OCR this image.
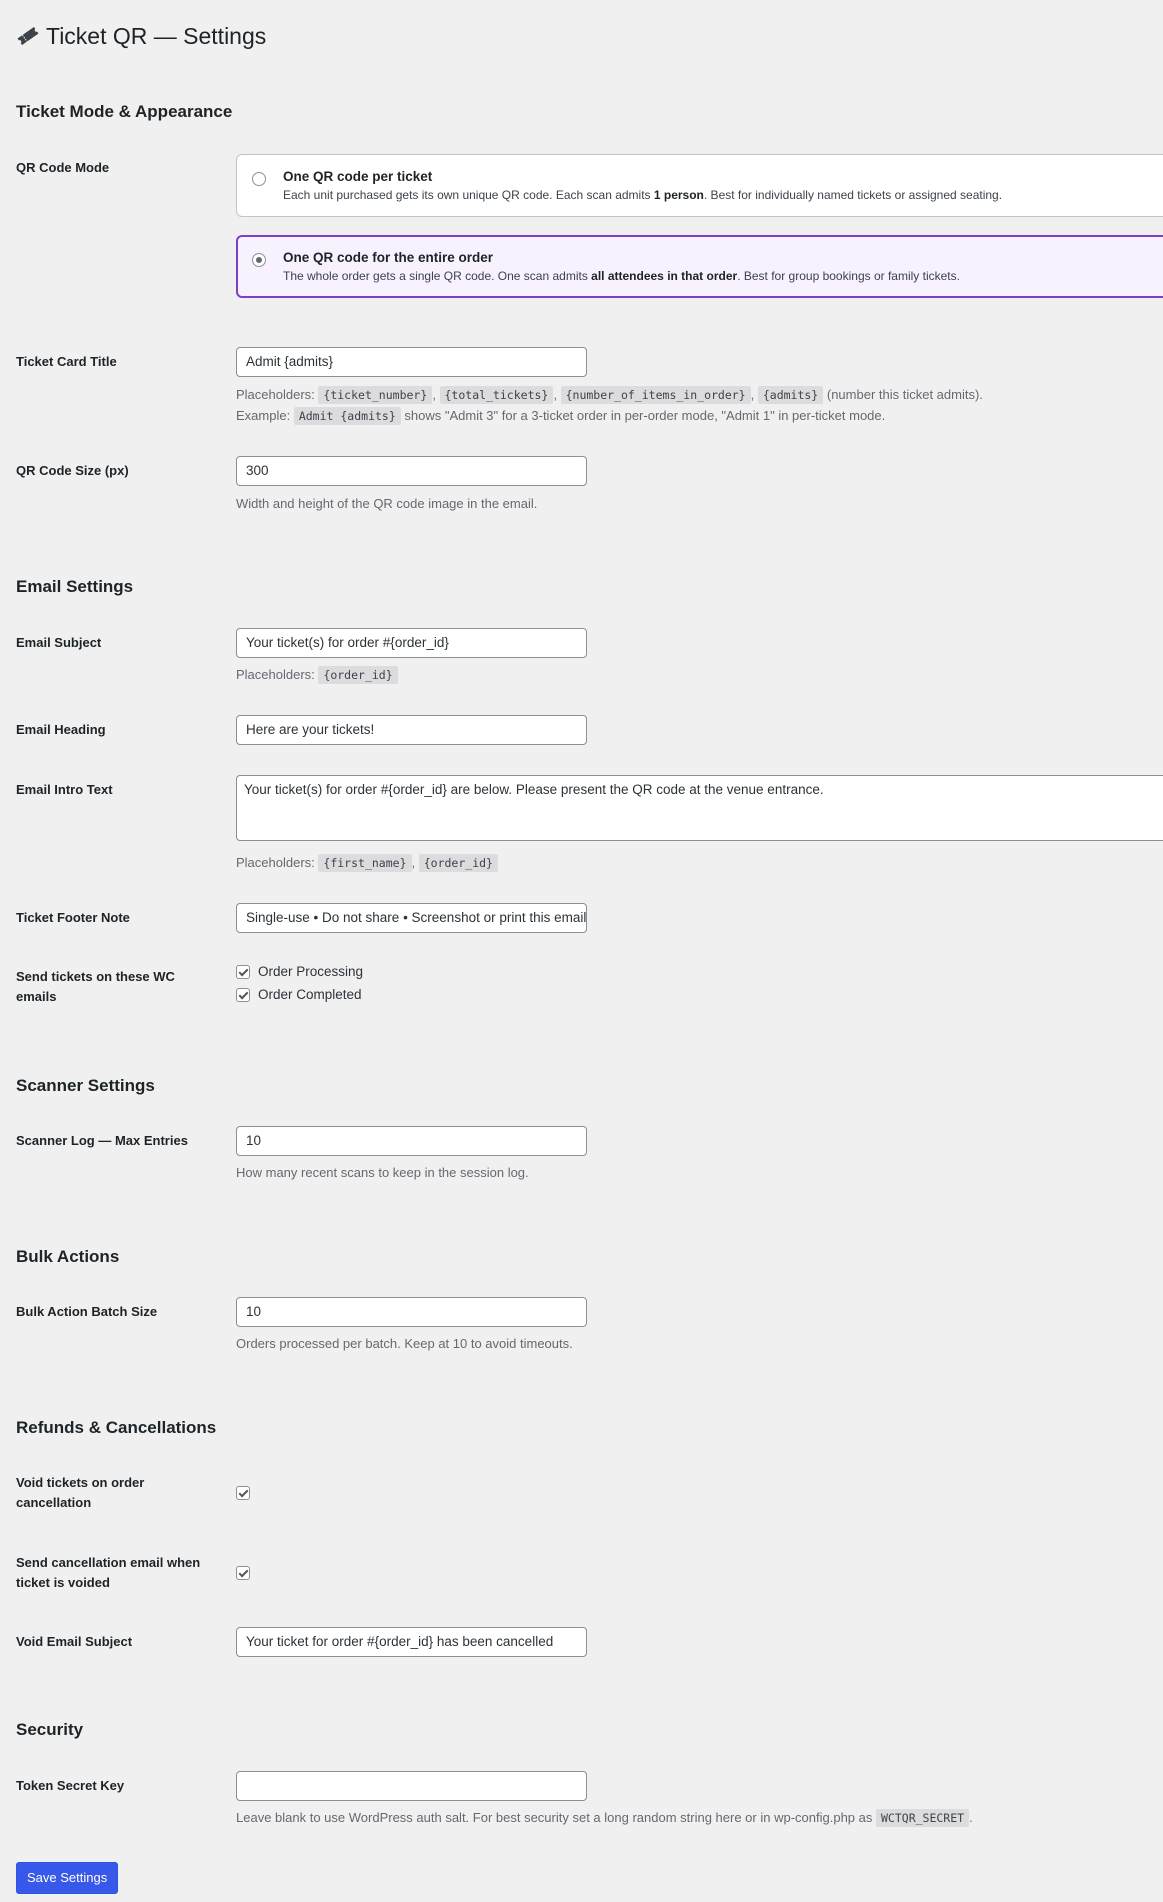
Ticket QR — Settings
Ticket Mode & Appearance
QR Code Mode
One QR code per ticket
Each unit purchased gets its own unique QR code. Each scan admits 1 person. Best for individually named tickets or assigned seating.
One QR code for the entire order
The whole order gets a single QR code. One scan admits all attendees in that order. Best for group bookings or family tickets.
Ticket Card Title	Admit {admits}
Placeholders: {ticket_number} , {total_tickets} , {number_of_items_in_order} , {admits} (number this ticket admits).
Example: Admit {admits} shows "Admit 3" for a 3-ticket order in per-order mode, "Admit 1" in per-ticket mode.
QR Code Size (px)	300
Width and height of the QR code image in the email.
Email Settings
Email Subject	Your ticket(s) for order #{order_id}
Placeholders: {order_id}
Email Heading	Here are your tickets!
Email Intro Text	Your ticket(s) for order #{order_id} are below. Please present the QR code at the venue entrance.
Placeholders: {first_name} , {order_id}
Ticket Footer Note	Single-use • Do not share • Screenshot or print this email
Send tickets on these WC
emails
Order Processing
Order Completed
Scanner Settings
Scanner Log — Max Entries	10
How many recent scans to keep in the session log.
Bulk Actions
Bulk Action Batch Size	10
Orders processed per batch. Keep at 10 to avoid timeouts.
Refunds & Cancellations
Void tickets on order
cancellation
Send cancellation email when
ticket is voided
Void Email Subject	Your ticket for order #{order_id} has been cancelled
Security
Token Secret Key
Leave blank to use WordPress auth salt. For best security set a long random string here or in wp-config.php as WCTQR_SECRET .
Save Settings
